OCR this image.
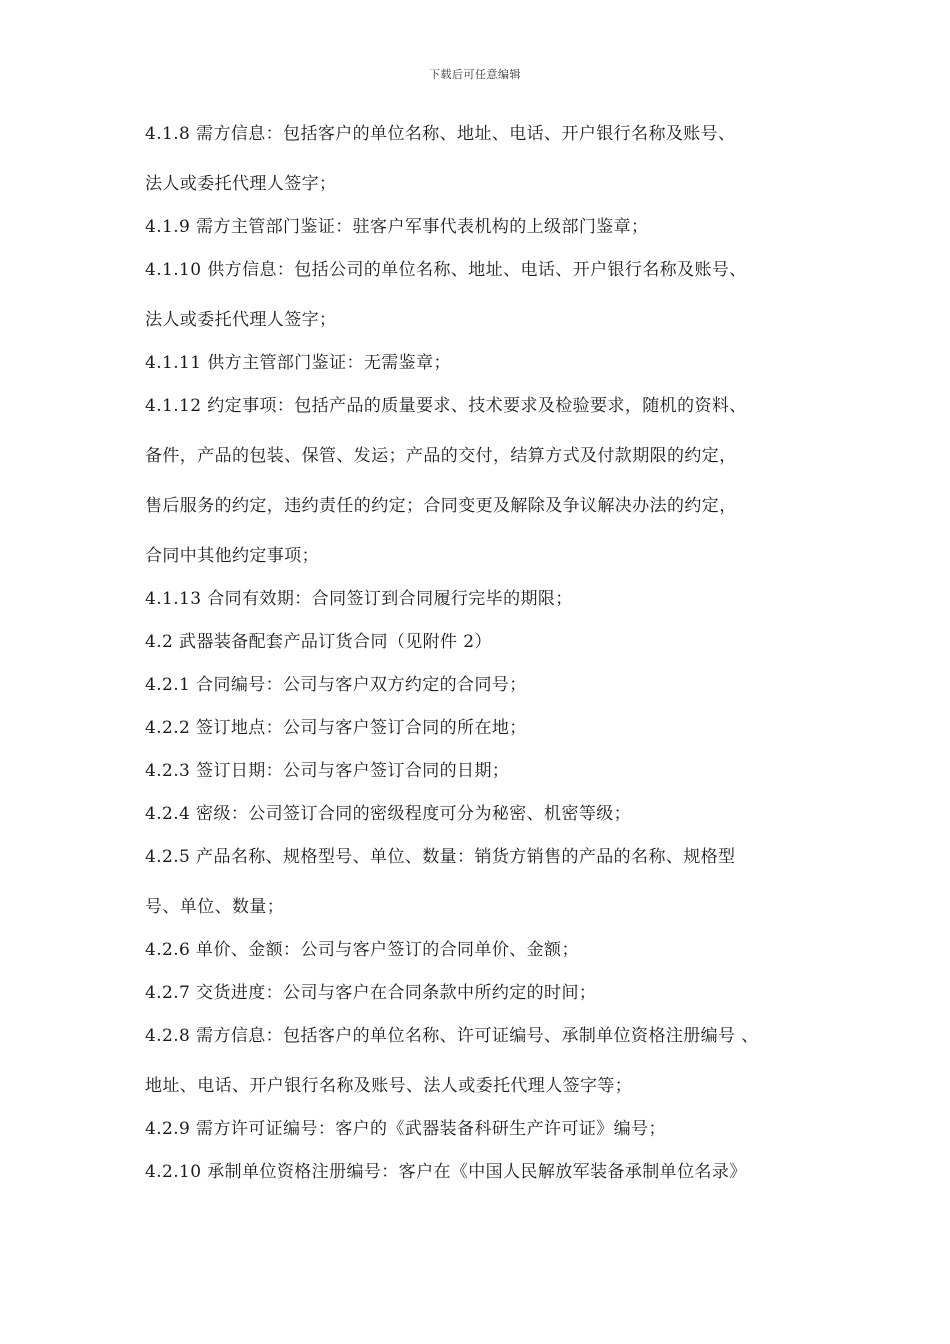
下载后可任意编辑
4.1.8 需方信息：包括客户的单位名称、地址、电话、开户银行名称及账号、
法人或委托代理人签字；
4.1.9 需方主管部门鉴证：驻客户军事代表机构的上级部门鉴章；
4.1.10 供方信息：包括公司的单位名称、地址、电话、开户银行名称及账号、
法人或委托代理人签字；
4.1.11 供方主管部门鉴证：无需鉴章；
4.1.12 约定事项：包括产品的质量要求、技术要求及检验要求，随机的资料、
备件，产品的包装、保管、发运；产品的交付，结算方式及付款期限的约定，
售后服务的约定，违约责任的约定；合同变更及解除及争议解决办法的约定，
合同中其他约定事项；
4.1.13 合同有效期：合同签订到合同履行完毕的期限；
4.2 武器装备配套产品订货合同（见附件 2）
4.2.1 合同编号：公司与客户双方约定的合同号；
4.2.2 签订地点：公司与客户签订合同的所在地；
4.2.3 签订日期：公司与客户签订合同的日期；
4.2.4 密级：公司签订合同的密级程度可分为秘密、机密等级；
4.2.5 产品名称、规格型号、单位、数量：销货方销售的产品的名称、规格型
号、单位、数量；
4.2.6 单价、金额：公司与客户签订的合同单价、金额；
4.2.7 交货进度：公司与客户在合同条款中所约定的时间；
4.2.8 需方信息：包括客户的单位名称、许可证编号、承制单位资格注册编号 、
地址、电话、开户银行名称及账号、法人或委托代理人签字等；
4.2.9 需方许可证编号：客户的《武器装备科研生产许可证》编号；
4.2.10 承制单位资格注册编号：客户在《中国人民解放军装备承制单位名录》
